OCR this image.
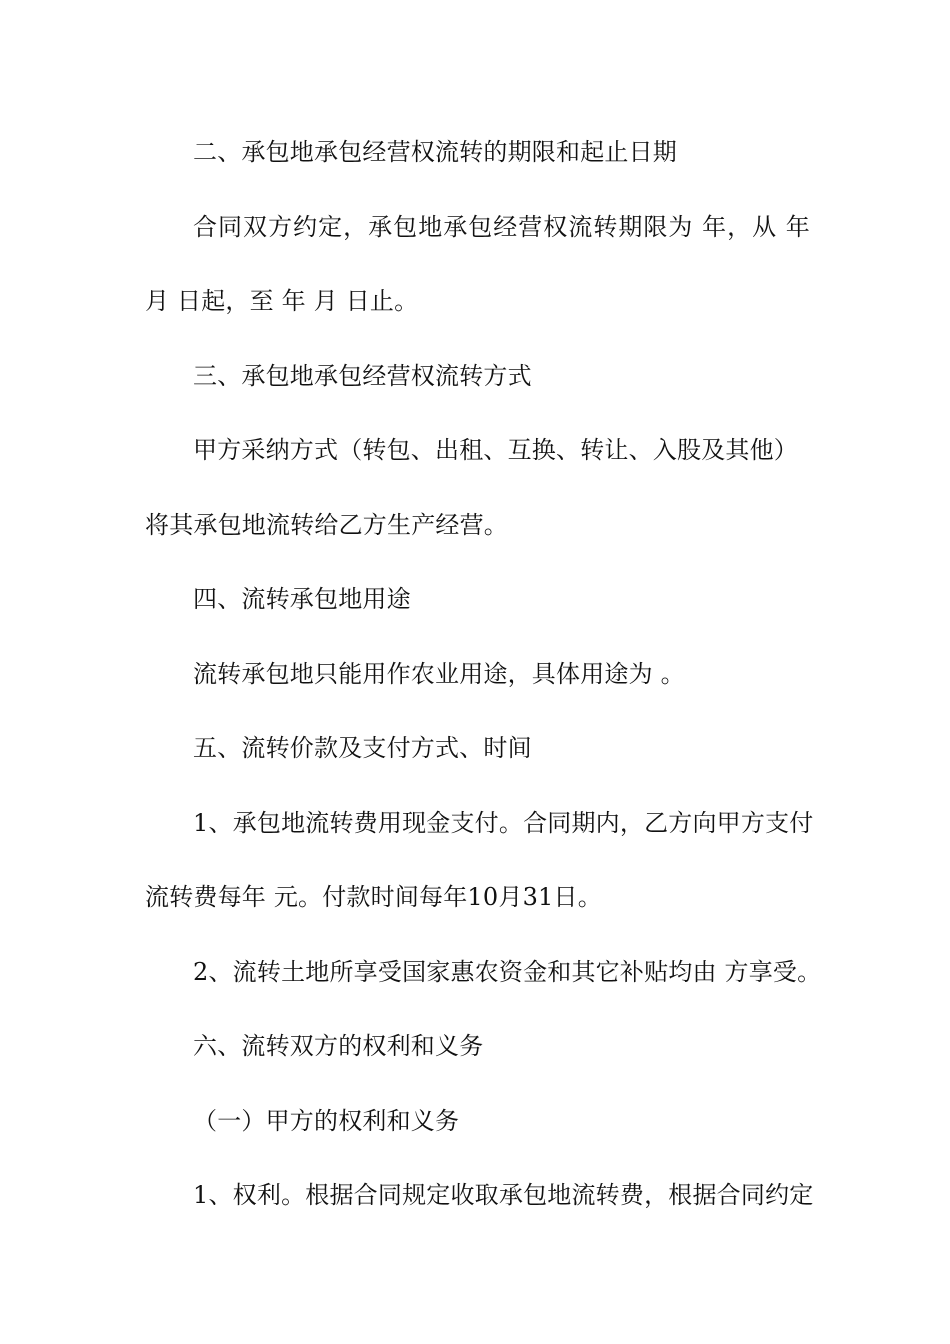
二、承包地承包经营权流转的期限和起止日期
合同双方约定，承包地承包经营权流转期限为 年，从 年
月 日起，至 年 月 日止。
三、承包地承包经营权流转方式
甲方采纳方式（转包、出租、互换、转让、入股及其他）
将其承包地流转给乙方生产经营。
四、流转承包地用途
流转承包地只能用作农业用途，具体用途为 。
五、流转价款及支付方式、时间
1、承包地流转费用现金支付。合同期内，乙方向甲方支付
流转费每年 元。付款时间每年10月31日。
2、流转土地所享受国家惠农资金和其它补贴均由 方享受。
六、流转双方的权利和义务
（一）甲方的权利和义务
1、权利。根据合同规定收取承包地流转费，根据合同约定
